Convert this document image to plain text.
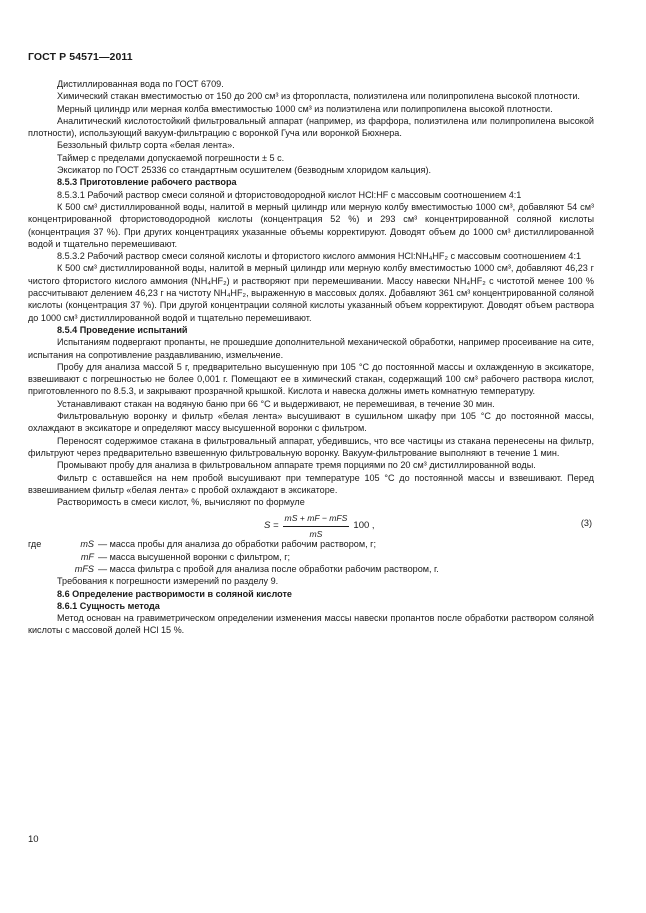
ГОСТ Р 54571—2011

Дистиллированная вода по ГОСТ 6709.

Химический стакан вместимостью от 150 до 200 см³ из фторопласта, полиэтилена или полипропилена высокой плотности.

Мерный цилиндр или мерная колба вместимостью 1000 см³ из полиэтилена или полипропилена высокой плотности.

Аналитический кислотостойкий фильтровальный аппарат (например, из фарфора, полиэтилена или полипропилена высокой плотности), использующий вакуум-фильтрацию с воронкой Гуча или воронкой Бюхнера.

Беззольный фильтр сорта «белая лента».

Таймер с пределами допускаемой погрешности ± 5 с.

Эксикатор по ГОСТ 25336 со стандартным осушителем (безводным хлоридом кальция).

8.5.3 Приготовление рабочего раствора

8.5.3.1 Рабочий раствор смеси соляной и фтористоводородной кислот HCl:HF с массовым соотношением 4:1

К 500 см³ дистиллированной воды, налитой в мерный цилиндр или мерную колбу вместимостью 1000 см³, добавляют 54 см³ концентрированной фтористоводородной кислоты (концентрация 52 %) и 293 см³ концентрированной соляной кислоты (концентрация 37 %). При других концентрациях указанные объемы корректируют. Доводят объем до 1000 см³ дистиллированной водой и тщательно перемешивают.

8.5.3.2 Рабочий раствор смеси соляной кислоты и фтористого кислого аммония HCl:NH₄HF₂ с массовым соотношением 4:1

К 500 см³ дистиллированной воды, налитой в мерный цилиндр или мерную колбу вместимостью 1000 см³, добавляют 46,23 г чистого фтористого кислого аммония (NH₄HF₂) и растворяют при перемешивании. Массу навески NH₄HF₂ с чистотой менее 100 % рассчитывают делением 46,23 г на чистоту NH₄HF₂, выраженную в массовых долях. Добавляют 361 см³ концентрированной соляной кислоты (концентрация 37 %). При другой концентрации соляной кислоты указанный объем корректируют. Доводят объем раствора до 1000 см³ дистиллированной водой и тщательно перемешивают.

8.5.4 Проведение испытаний

Испытаниям подвергают пропанты, не прошедшие дополнительной механической обработки, например просеивание на сите, испытания на сопротивление раздавливанию, измельчение.

Пробу для анализа массой 5 г, предварительно высушенную при 105 °С до постоянной массы и охлажденную в эксикаторе, взвешивают с погрешностью не более 0,001 г. Помещают ее в химический стакан, содержащий 100 см³ рабочего раствора кислот, приготовленного по 8.5.3, и закрывают прозрачной крышкой. Кислота и навеска должны иметь комнатную температуру.

Устанавливают стакан на водяную баню при 66 °С и выдерживают, не перемешивая, в течение 30 мин.

Фильтровальную воронку и фильтр «белая лента» высушивают в сушильном шкафу при 105 °С до постоянной массы, охлаждают в эксикаторе и определяют массу высушенной воронки с фильтром.

Переносят содержимое стакана в фильтровальный аппарат, убедившись, что все частицы из стакана перенесены на фильтр, фильтруют через предварительно взвешенную фильтровальную воронку. Вакуум-фильтрование выполняют в течение 1 мин.

Промывают пробу для анализа в фильтровальном аппарате тремя порциями по 20 см³ дистиллированной воды.

Фильтр с оставшейся на нем пробой высушивают при температуре 105 °С до постоянной массы и взвешивают. Перед взвешиванием фильтр «белая лента» с пробой охлаждают в эксикаторе.

Растворимость в смеси кислот, %, вычисляют по формуле

$S = \frac{\text{mS + mF − mFS}}{mS} 100$ ,	(3)
где	mS — масса пробы для анализа до обработки рабочим раствором, г;
mF — масса высушенной воронки с фильтром, г;
mFS — масса фильтра с пробой для анализа после обработки рабочим раствором, г.

Требования к погрешности измерений по разделу 9.

8.6 Определение растворимости в соляной кислоте

8.6.1 Сущность метода

Метод основан на гравиметрическом определении изменения массы навески пропантов после обработки раствором соляной кислоты с массовой долей HCl 15 %.

10
